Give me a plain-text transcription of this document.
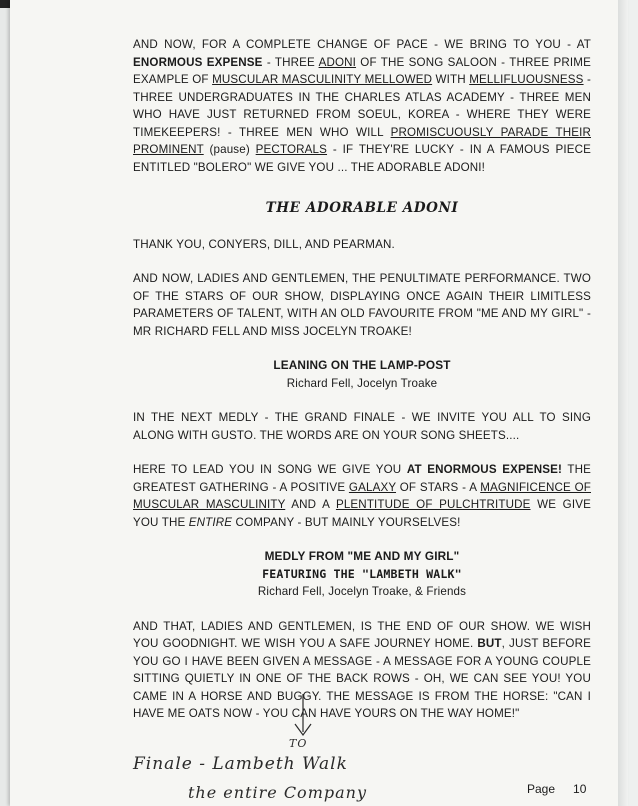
AND NOW, FOR A COMPLETE CHANGE OF PACE - WE BRING TO YOU - AT ENORMOUS EXPENSE - THREE ADONI OF THE SONG SALOON - THREE PRIME EXAMPLE OF MUSCULAR MASCULINITY MELLOWED WITH MELLIFLUOUSNESS - THREE UNDERGRADUATES IN THE CHARLES ATLAS ACADEMY - THREE MEN WHO HAVE JUST RETURNED FROM SOEUL, KOREA - WHERE THEY WERE TIMEKEEPERS! - THREE MEN WHO WILL PROMISCUOUSLY PARADE THEIR PROMINENT (pause) PECTORALS - IF THEY'RE LUCKY - IN A FAMOUS PIECE ENTITLED "BOLERO" WE GIVE YOU ... THE ADORABLE ADONI!

THE ADORABLE ADONI

THANK YOU, CONYERS, DILL, AND PEARMAN.

AND NOW, LADIES AND GENTLEMEN, THE PENULTIMATE PERFORMANCE. TWO OF THE STARS OF OUR SHOW, DISPLAYING ONCE AGAIN THEIR LIMITLESS PARAMETERS OF TALENT, WITH AN OLD FAVOURITE FROM "ME AND MY GIRL" - MR RICHARD FELL AND MISS JOCELYN TROAKE!

LEANING ON THE LAMP-POST
Richard Fell, Jocelyn Troake

IN THE NEXT MEDLY - THE GRAND FINALE - WE INVITE YOU ALL TO SING ALONG WITH GUSTO. THE WORDS ARE ON YOUR SONG SHEETS....

HERE TO LEAD YOU IN SONG WE GIVE YOU AT ENORMOUS EXPENSE! THE GREATEST GATHERING - A POSITIVE GALAXY OF STARS - A MAGNIFICENCE OF MUSCULAR MASCULINITY AND A PLENTITUDE OF PULCHTRITUDE WE GIVE YOU THE ENTIRE COMPANY - BUT MAINLY YOURSELVES!

MEDLY FROM "ME AND MY GIRL"
FEATURING THE "LAMBETH WALK"
Richard Fell, Jocelyn Troake, & Friends

AND THAT, LADIES AND GENTLEMEN, IS THE END OF OUR SHOW. WE WISH YOU GOODNIGHT. WE WISH YOU A SAFE JOURNEY HOME. BUT, JUST BEFORE YOU GO I HAVE BEEN GIVEN A MESSAGE - A MESSAGE FOR A YOUNG COUPLE SITTING QUIETLY IN ONE OF THE BACK ROWS - OH, WE CAN SEE YOU! YOU CAME IN A HORSE AND BUGGY. THE MESSAGE IS FROM THE HORSE: "CAN I HAVE ME OATS NOW - YOU CAN HAVE YOURS ON THE WAY HOME!"

TO
Finale - Lambeth Walk
the entire Company	Page 10
